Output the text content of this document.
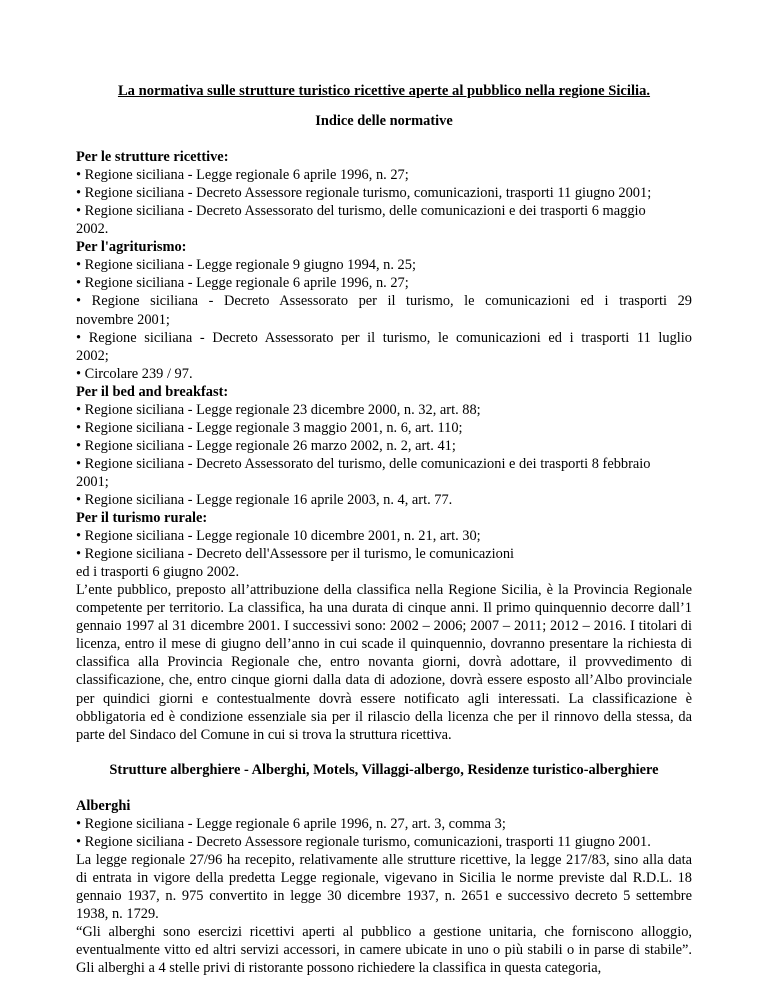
La normativa sulle strutture turistico ricettive aperte al pubblico nella regione Sicilia.
Indice delle normative
Per le strutture ricettive:
• Regione siciliana - Legge regionale 6 aprile 1996, n. 27;
• Regione siciliana - Decreto Assessore regionale turismo, comunicazioni, trasporti 11 giugno 2001;
• Regione siciliana - Decreto Assessorato del turismo, delle comunicazioni e dei trasporti 6 maggio
2002.
Per l'agriturismo:
• Regione siciliana - Legge regionale 9 giugno 1994, n. 25;
• Regione siciliana - Legge regionale 6 aprile 1996, n. 27;
• Regione siciliana - Decreto Assessorato per il turismo, le comunicazioni ed i trasporti 29
novembre 2001;
• Regione siciliana - Decreto Assessorato per il turismo, le comunicazioni ed i trasporti 11 luglio
2002;
• Circolare 239 / 97.
Per il bed and breakfast:
• Regione siciliana - Legge regionale 23 dicembre 2000, n. 32, art. 88;
• Regione siciliana - Legge regionale 3 maggio 2001, n. 6, art. 110;
• Regione siciliana - Legge regionale 26 marzo 2002, n. 2, art. 41;
• Regione siciliana - Decreto Assessorato del turismo, delle comunicazioni e dei trasporti 8 febbraio
2001;
• Regione siciliana - Legge regionale 16 aprile 2003, n. 4, art. 77.
Per il turismo rurale:
• Regione siciliana - Legge regionale 10 dicembre 2001, n. 21, art. 30;
• Regione siciliana - Decreto dell'Assessore per il turismo, le comunicazioni
ed i trasporti 6 giugno 2002.
L’ente pubblico, preposto all’attribuzione della classifica nella Regione Sicilia, è la Provincia Regionale competente per territorio. La classifica, ha una durata di cinque anni. Il primo quinquennio decorre dall’1 gennaio 1997 al 31 dicembre 2001. I successivi sono: 2002 – 2006; 2007 – 2011; 2012 – 2016. I titolari di licenza, entro il mese di giugno dell’anno in cui scade il quinquennio, dovranno presentare la richiesta di classifica alla Provincia Regionale che, entro novanta giorni, dovrà adottare, il provvedimento di classificazione, che, entro cinque giorni dalla data di adozione, dovrà essere esposto all’Albo provinciale per quindici giorni e contestualmente dovrà essere notificato agli interessati. La classificazione è obbligatoria ed è condizione essenziale sia per il rilascio della licenza che per il rinnovo della stessa, da parte del Sindaco del Comune in cui si trova la struttura ricettiva.
Strutture alberghiere - Alberghi, Motels, Villaggi-albergo, Residenze turistico-alberghiere
Alberghi
• Regione siciliana - Legge regionale 6 aprile 1996, n. 27, art. 3, comma 3;
• Regione siciliana - Decreto Assessore regionale turismo, comunicazioni, trasporti 11 giugno 2001.
La legge regionale 27/96 ha recepito, relativamente alle strutture ricettive, la legge 217/83, sino alla data di entrata in vigore della predetta Legge regionale, vigevano in Sicilia le norme previste dal R.D.L. 18 gennaio 1937, n. 975 convertito in legge 30 dicembre 1937, n. 2651 e successivo decreto 5 settembre 1938, n. 1729.
“Gli alberghi sono esercizi ricettivi aperti al pubblico a gestione unitaria, che forniscono alloggio, eventualmente vitto ed altri servizi accessori, in camere ubicate in uno o più stabili o in parse di stabile”. Gli alberghi a 4 stelle privi di ristorante possono richiedere la classifica in questa categoria,
